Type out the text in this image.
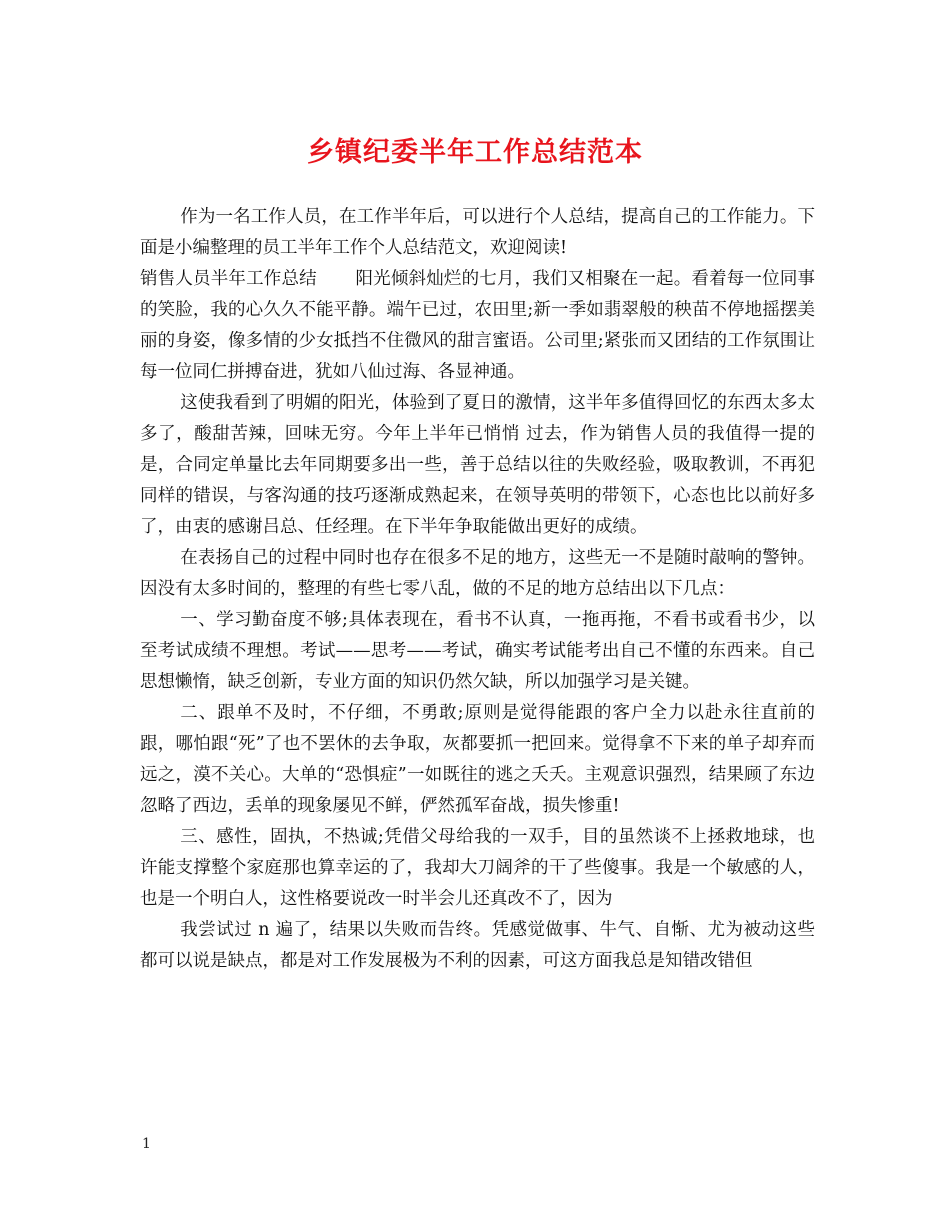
乡镇纪委半年工作总结范本

作为一名工作人员，在工作半年后，可以进行个人总结，提高自己的工作能力。下面是小编整理的员工半年工作个人总结范文，欢迎阅读!

销售人员半年工作总结 阳光倾斜灿烂的七月，我们又相聚在一起。看着每一位同事的笑脸，我的心久久不能平静。端午已过，农田里;新一季如翡翠般的秧苗不停地摇摆美丽的身姿，像多情的少女抵挡不住微风的甜言蜜语。公司里;紧张而又团结的工作氛围让每一位同仁拼搏奋进，犹如八仙过海、各显神通。

这使我看到了明媚的阳光，体验到了夏日的激情，这半年多值得回忆的东西太多太多了，酸甜苦辣，回味无穷。今年上半年已悄悄 过去，作为销售人员的我值得一提的是，合同定单量比去年同期要多出一些，善于总结以往的失败经验，吸取教训，不再犯同样的错误，与客沟通的技巧逐渐成熟起来，在领导英明的带领下，心态也比以前好多了，由衷的感谢吕总、任经理。在下半年争取能做出更好的成绩。

在表扬自己的过程中同时也存在很多不足的地方，这些无一不是随时敲响的警钟。因没有太多时间的，整理的有些七零八乱，做的不足的地方总结出以下几点：

一、学习勤奋度不够;具体表现在，看书不认真，一拖再拖，不看书或看书少，以至考试成绩不理想。考试——思考——考试，确实考试能考出自己不懂的东西来。自己思想懒惰，缺乏创新，专业方面的知识仍然欠缺，所以加强学习是关键。

二、跟单不及时，不仔细，不勇敢;原则是觉得能跟的客户全力以赴永往直前的跟，哪怕跟“死”了也不罢休的去争取，灰都要抓一把回来。觉得拿不下来的单子却弃而远之，漠不关心。大单的“恐惧症”一如既往的逃之夭夭。主观意识强烈，结果顾了东边忽略了西边，丢单的现象屡见不鲜，俨然孤军奋战，损失惨重!

三、感性，固执，不热诚;凭借父母给我的一双手，目的虽然谈不上拯救地球，也许能支撑整个家庭那也算幸运的了，我却大刀阔斧的干了些傻事。我是一个敏感的人，也是一个明白人，这性格要说改一时半会儿还真改不了，因为

我尝试过 n 遍了，结果以失败而告终。凭感觉做事、牛气、自惭、尤为被动这些都可以说是缺点，都是对工作发展极为不利的因素，可这方面我总是知错改错但

1
